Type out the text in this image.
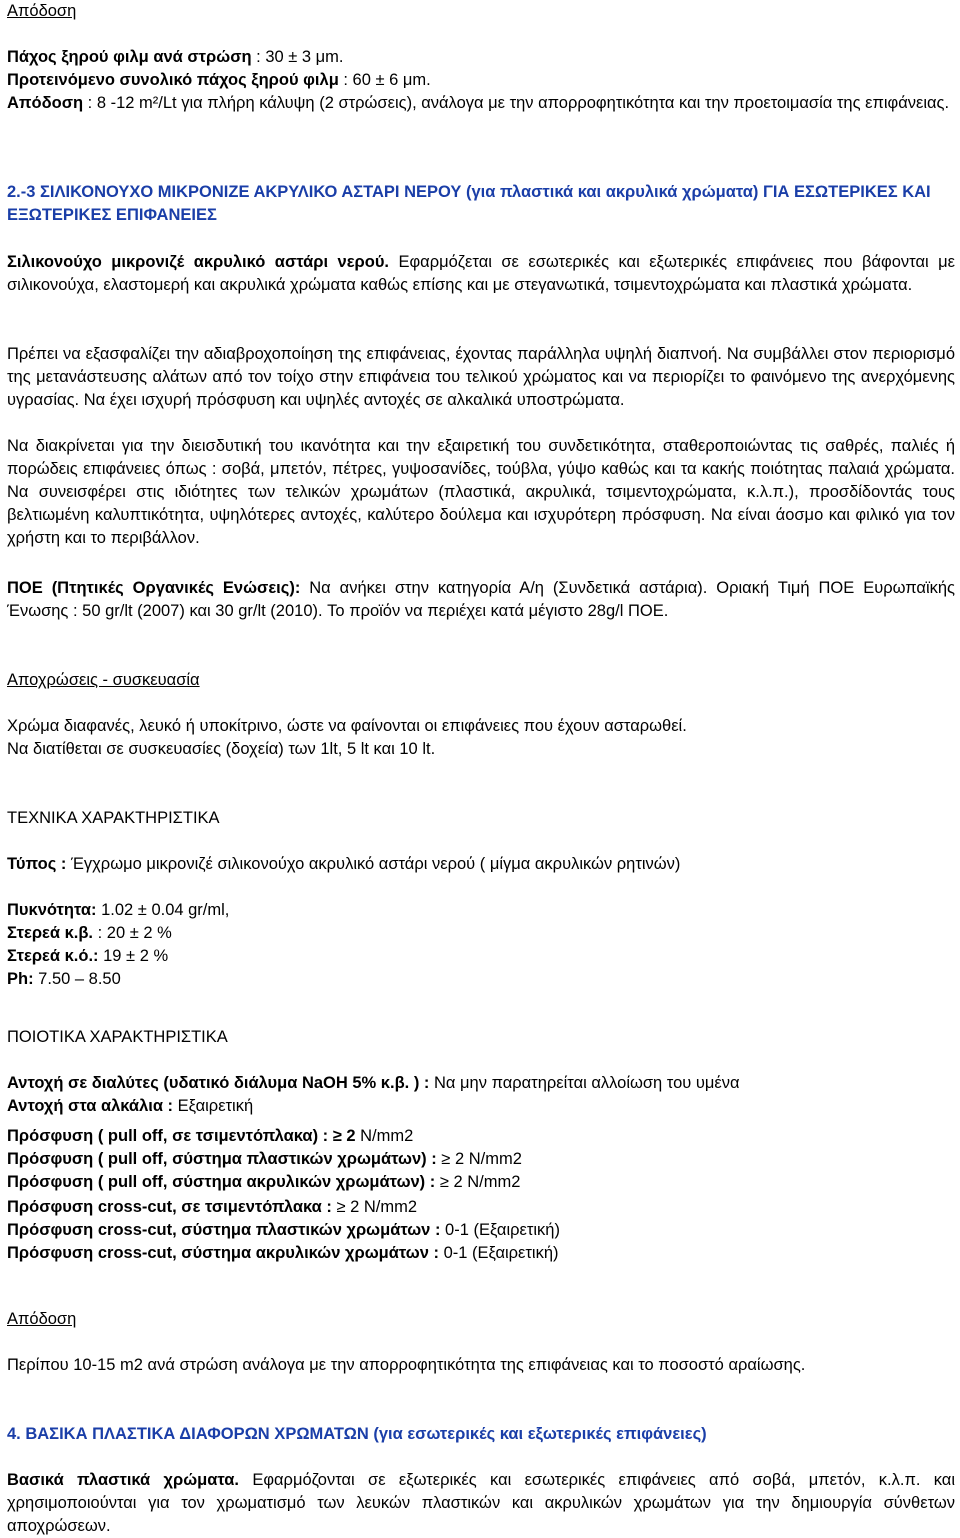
Απόδοση

Πάχος ξηρού φιλμ ανά στρώση : 30 ± 3 μm.

Προτεινόμενο συνολικό πάχος ξηρού φιλμ : 60 ± 6 μm.

Απόδοση : 8 -12 m²/Lt για πλήρη κάλυψη (2 στρώσεις), ανάλογα με την απορροφητικότητα και την προετοιμασία της επιφάνειας.

2.-3 ΣΙΛΙΚΟΝΟΥΧΟ ΜΙΚΡΟΝΙΖΕ ΑΚΡΥΛΙΚΟ ΑΣΤΑΡΙ ΝΕΡΟΥ (για πλαστικά και ακρυλικά χρώματα) ΓΙΑ ΕΣΩΤΕΡΙΚΕΣ ΚΑΙ ΕΞΩΤΕΡΙΚΕΣ ΕΠΙΦΑΝΕΙΕΣ

Σιλικονούχο μικρονιζέ ακρυλικό αστάρι νερού. Εφαρμόζεται σε εσωτερικές και εξωτερικές επιφάνειες που βάφονται με σιλικονούχα, ελαστομερή και ακρυλικά χρώματα καθώς επίσης και με στεγανωτικά, τσιμεντοχρώματα και πλαστικά χρώματα.

Πρέπει να εξασφαλίζει την αδιαβροχοποίηση της επιφάνειας, έχοντας παράλληλα υψηλή διαπνοή. Να συμβάλλει στον περιορισμό της μετανάστευσης αλάτων από τον τοίχο στην επιφάνεια του τελικού χρώματος και να περιορίζει το φαινόμενο της ανερχόμενης υγρασίας. Να έχει ισχυρή πρόσφυση και υψηλές αντοχές σε αλκαλικά υποστρώματα.

Να διακρίνεται για την διεισδυτική του ικανότητα και την εξαιρετική του συνδετικότητα, σταθεροποιώντας τις σαθρές, παλιές ή πορώδεις επιφάνειες όπως : σοβά, μπετόν, πέτρες, γυψοσανίδες, τούβλα, γύψο καθώς και τα κακής ποιότητας παλαιά χρώματα. Να συνεισφέρει στις ιδιότητες των τελικών χρωμάτων (πλαστικά, ακρυλικά, τσιμεντοχρώματα, κ.λ.π.), προσδίδοντάς τους βελτιωμένη καλυπτικότητα, υψηλότερες αντοχές, καλύτερο δούλεμα και ισχυρότερη πρόσφυση. Να είναι άοσμο και φιλικό για τον χρήστη και το περιβάλλον.

ΠΟΕ (Πτητικές Οργανικές Ενώσεις): Να ανήκει στην κατηγορία Α/η (Συνδετικά αστάρια). Οριακή Τιμή ΠΟΕ Ευρωπαϊκής Ένωσης : 50 gr/lt (2007) και 30 gr/lt (2010). Το προϊόν να περιέχει κατά μέγιστο 28g/l ΠΟΕ.

Αποχρώσεις - συσκευασία

Χρώμα διαφανές, λευκό ή υποκίτρινο, ώστε να φαίνονται οι επιφάνειες που έχουν ασταρωθεί.

Να διατίθεται σε συσκευασίες (δοχεία) των 1lt, 5 lt και 10 lt.

ΤΕΧΝΙΚΑ ΧΑΡΑΚΤΗΡΙΣΤΙΚΑ

Τύπος : Έγχρωμο μικρονιζέ σιλικονούχο ακρυλικό αστάρι νερού ( μίγμα ακρυλικών ρητινών)

Πυκνότητα: 1.02 ± 0.04 gr/ml,

Στερεά κ.β. : 20 ± 2 %

Στερεά κ.ό.: 19 ± 2 %

Ph: 7.50 – 8.50

ΠΟΙΟΤΙΚΑ ΧΑΡΑΚΤΗΡΙΣΤΙΚΑ

Αντοχή σε διαλύτες (υδατικό διάλυμα NaOH 5% κ.β. ) : Να μην παρατηρείται αλλοίωση του υμένα

Αντοχή στα αλκάλια : Εξαιρετική

Πρόσφυση ( pull off, σε τσιμεντόπλακα) : ≥ 2 N/mm2

Πρόσφυση ( pull off, σύστημα πλαστικών χρωμάτων) : ≥ 2 N/mm2

Πρόσφυση ( pull off, σύστημα ακρυλικών χρωμάτων) : ≥ 2 N/mm2

Πρόσφυση cross-cut, σε τσιμεντόπλακα : ≥ 2 N/mm2

Πρόσφυση cross-cut, σύστημα πλαστικών χρωμάτων : 0-1 (Εξαιρετική)

Πρόσφυση cross-cut, σύστημα ακρυλικών χρωμάτων : 0-1 (Εξαιρετική)

Απόδοση

Περίπου 10-15 m2 ανά στρώση ανάλογα με την απορροφητικότητα της επιφάνειας και το ποσοστό αραίωσης.

4. ΒΑΣΙΚΑ ΠΛΑΣΤΙΚΑ ΔΙΑΦΟΡΩΝ ΧΡΩΜΑΤΩΝ (για εσωτερικές και εξωτερικές επιφάνειες)

Βασικά πλαστικά χρώματα. Εφαρμόζονται σε εξωτερικές και εσωτερικές επιφάνειες από σοβά, μπετόν, κ.λ.π. και χρησιμοποιούνται για τον χρωματισμό των λευκών πλαστικών και ακρυλικών χρωμάτων για την δημιουργία σύνθετων αποχρώσεων.
